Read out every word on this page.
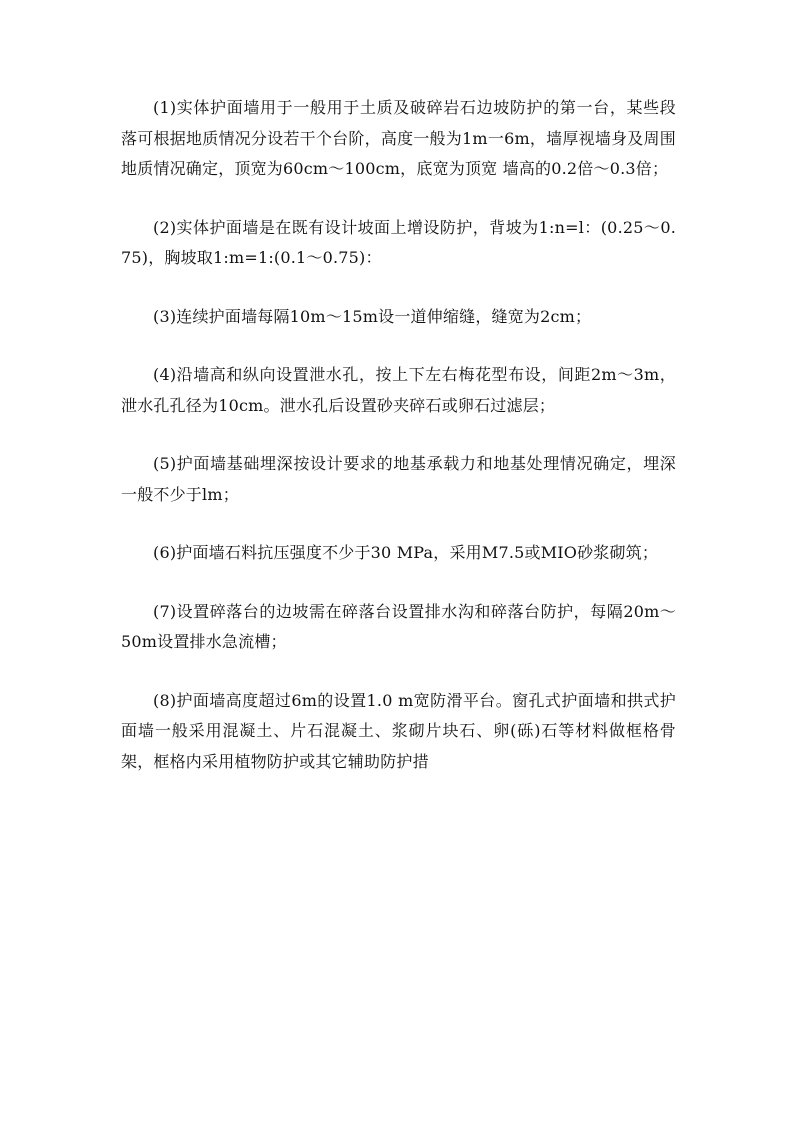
(1)实体护面墙用于一般用于土质及破碎岩石边坡防护的第一台，某些段落可根据地质情况分设若干个台阶，高度一般为1m一6m，墙厚视墙身及周围地质情况确定，顶宽为60cm～100cm，底宽为顶宽 墙高的0.2倍～0.3倍；

(2)实体护面墙是在既有设计坡面上增设防护，背坡为1:n=l：(0.25～0.75)，胸坡取1:m=1:(0.1～0.75)：

(3)连续护面墙每隔10m～15m设一道伸缩缝，缝宽为2cm；

(4)沿墙高和纵向设置泄水孔，按上下左右梅花型布设，间距2m～3m，泄水孔孔径为10cm。泄水孔后设置砂夹碎石或卵石过滤层；

(5)护面墙基础埋深按设计要求的地基承载力和地基处理情况确定，埋深一般不少于lm；

(6)护面墙石料抗压强度不少于30 MPa，采用M7.5或MIO砂浆砌筑；

(7)设置碎落台的边坡需在碎落台设置排水沟和碎落台防护，每隔20m～50m设置排水急流槽；

(8)护面墙高度超过6m的设置1.0 m宽防滑平台。窗孔式护面墙和拱式护面墙一般采用混凝土、片石混凝土、浆砌片块石、卵(砾)石等材料做框格骨架，框格内采用植物防护或其它辅助防护措
